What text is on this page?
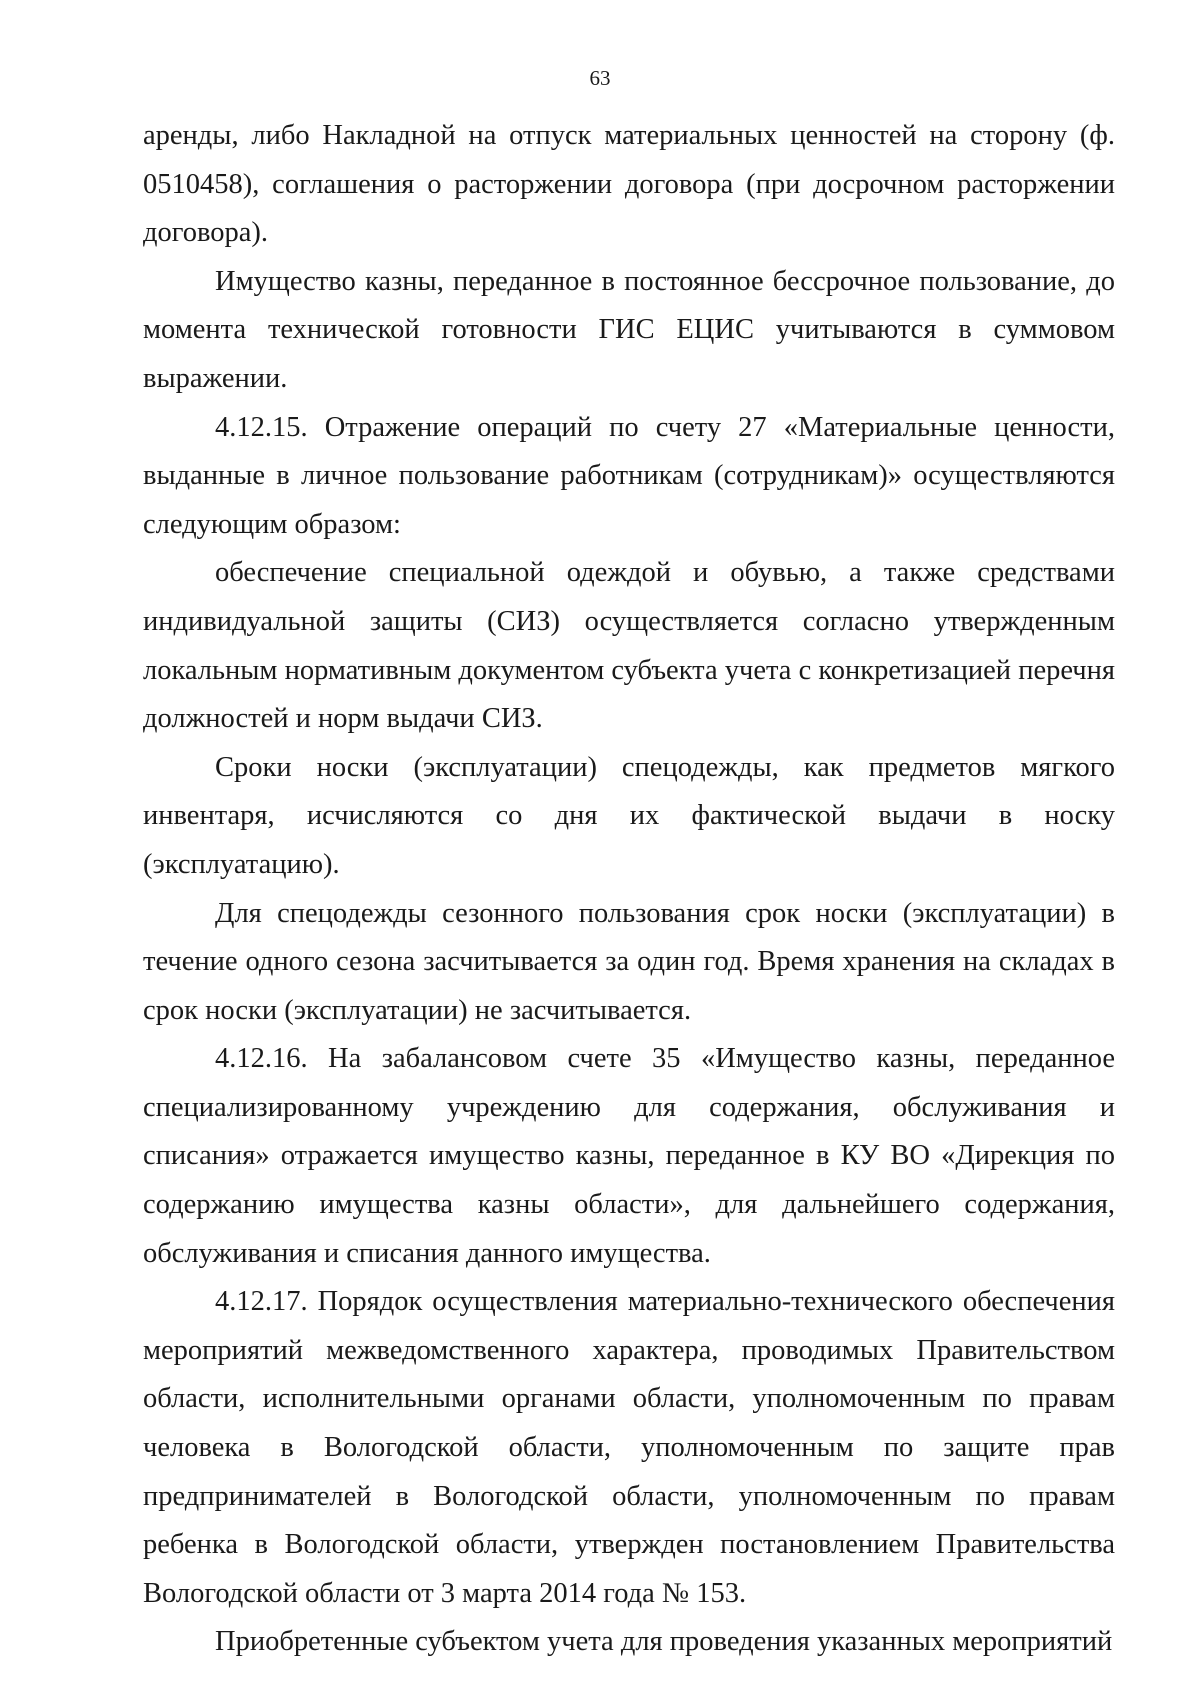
63

аренды, либо Накладной на отпуск материальных ценностей на сторону (ф. 0510458), соглашения о расторжении договора (при досрочном расторжении договора).

Имущество казны, переданное в постоянное бессрочное пользование, до момента технической готовности ГИС ЕЦИС учитываются в суммовом выражении.

4.12.15. Отражение операций по счету 27 «Материальные ценности, выданные в личное пользование работникам (сотрудникам)» осуществляются следующим образом:

обеспечение специальной одеждой и обувью, а также средствами индивидуальной защиты (СИЗ) осуществляется согласно утвержденным локальным нормативным документом субъекта учета с конкретизацией перечня должностей и норм выдачи СИЗ.

Сроки носки (эксплуатации) спецодежды, как предметов мягкого инвентаря, исчисляются со дня их фактической выдачи в носку (эксплуатацию).

Для спецодежды сезонного пользования срок носки (эксплуатации) в течение одного сезона засчитывается за один год. Время хранения на складах в срок носки (эксплуатации) не засчитывается.

4.12.16. На забалансовом счете 35 «Имущество казны, переданное специализированному учреждению для содержания, обслуживания и списания» отражается имущество казны, переданное в КУ ВО «Дирекция по содержанию имущества казны области», для дальнейшего содержания, обслуживания и списания данного имущества.

4.12.17. Порядок осуществления материально-технического обеспечения мероприятий межведомственного характера, проводимых Правительством области, исполнительными органами области, уполномоченным по правам человека в Вологодской области, уполномоченным по защите прав предпринимателей в Вологодской области, уполномоченным по правам ребенка в Вологодской области, утвержден постановлением Правительства Вологодской области от 3 марта 2014 года № 153.

Приобретенные субъектом учета для проведения указанных мероприятий
